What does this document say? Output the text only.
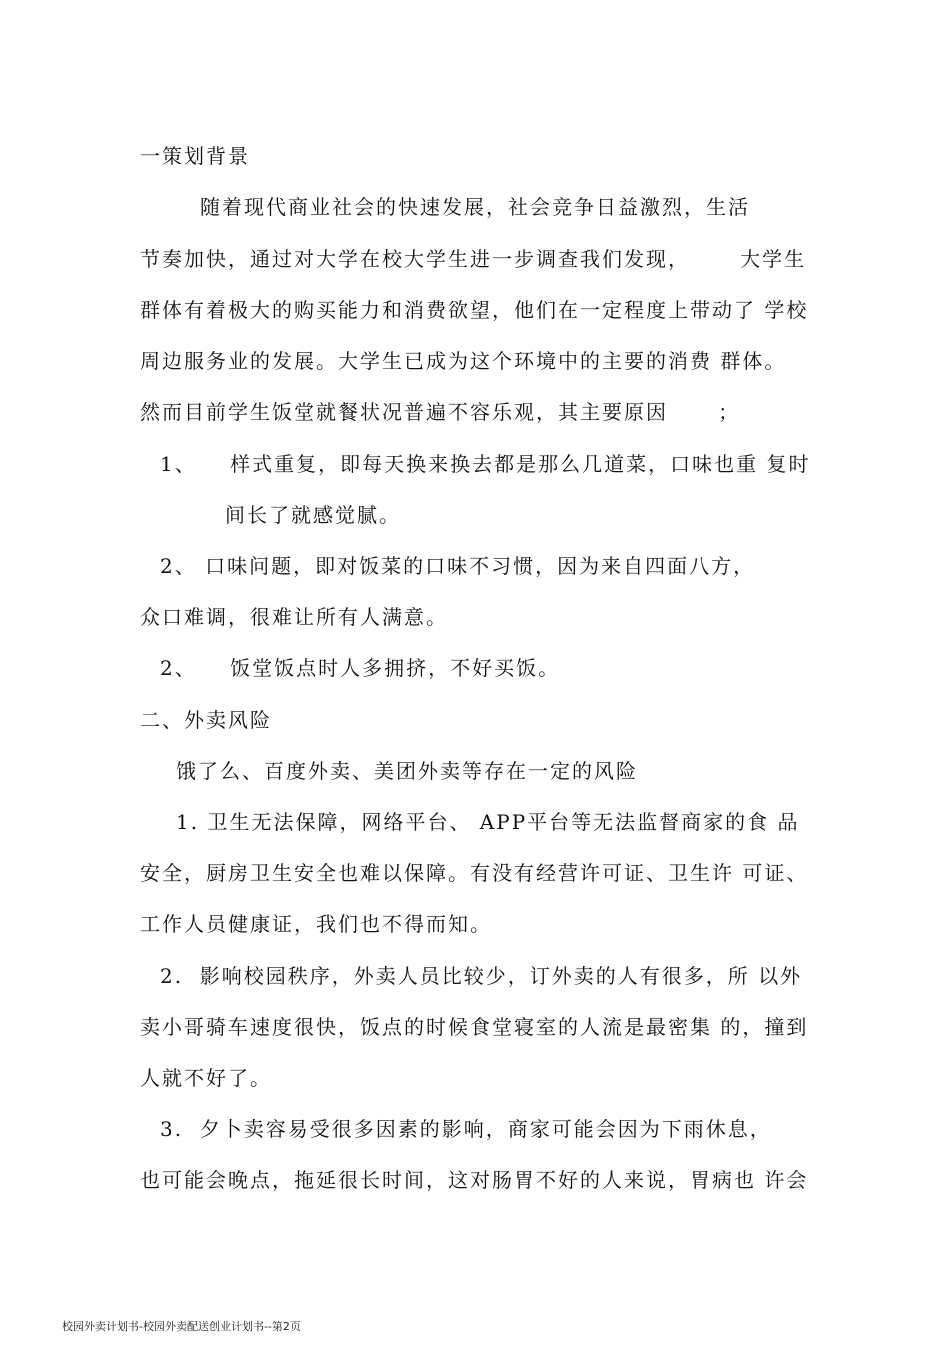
一策划背景
随着现代商业社会的快速发展，社会竞争日益激烈，生活
节奏加快，通过对大学在校大学生进一步调查我们发现，      大学生
群体有着极大的购买能力和消费欲望，他们在一定程度上带动了 学校
周边服务业的发展。大学生已成为这个环境中的主要的消费 群体。
然而目前学生饭堂就餐状况普遍不容乐观，其主要原因      ；
1、    样式重复，即每天换来换去都是那么几道菜，口味也重 复时
间长了就感觉腻。
2、 口味问题，即对饭菜的口味不习惯，因为来自四面八方，
众口难调，很难让所有人满意。
2、    饭堂饭点时人多拥挤，不好买饭。
二、外卖风险
饿了么、百度外卖、美团外卖等存在一定的风险
1. 卫生无法保障，网络平台、 APP平台等无法监督商家的食 品
安全，厨房卫生安全也难以保障。有没有经营许可证、卫生许 可证、
工作人员健康证，我们也不得而知。
2.  影响校园秩序，外卖人员比较少，订外卖的人有很多，所 以外
卖小哥骑车速度很快，饭点的时候食堂寝室的人流是最密集 的，撞到
人就不好了。
3.  夕卜卖容易受很多因素的影响，商家可能会因为下雨休息，
也可能会晚点，拖延很长时间，这对肠胃不好的人来说，胃病也 许会
校园外卖计划书-校园外卖配送创业计划书--第2页
